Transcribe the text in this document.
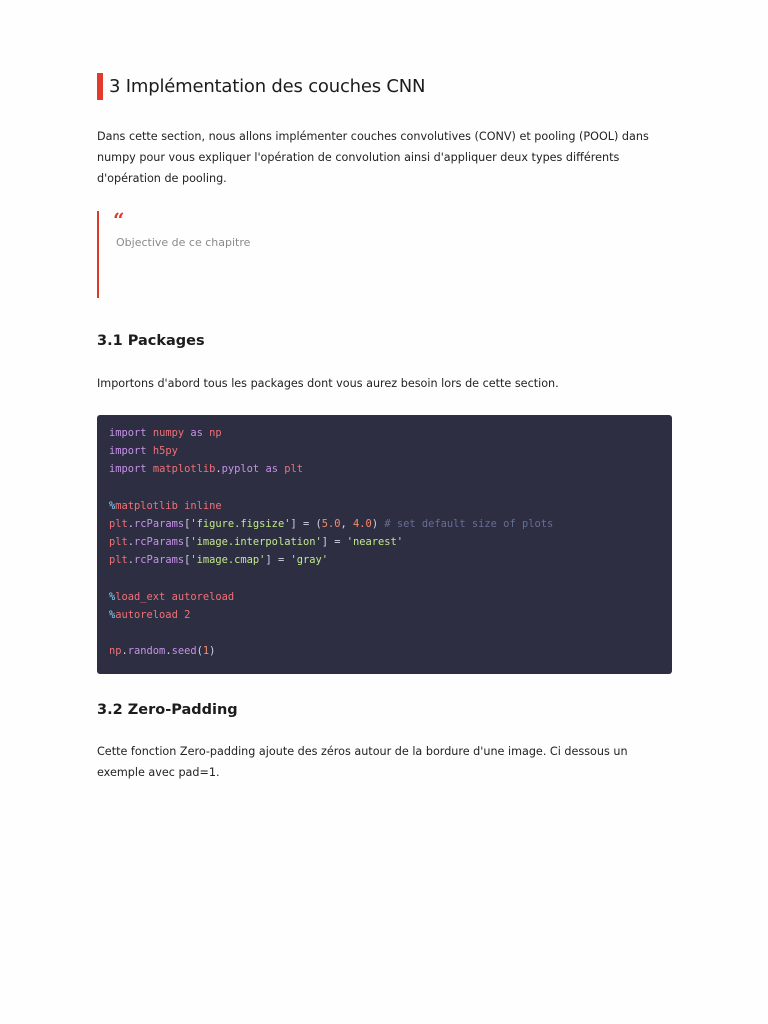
3 Implémentation des couches CNN

Dans cette section, nous allons implémenter couches convolutives (CONV) et pooling (POOL) dans numpy pour vous expliquer l'opération de convolution ainsi d'appliquer deux types différents d'opération de pooling.

“
Objective de ce chapitre
3.1 Packages

Importons d'abord tous les packages dont vous aurez besoin lors de cette section.

import numpy as np
import h5py
import matplotlib.pyplot as plt
%matplotlib inline
plt.rcParams['figure.figsize'] = (5.0, 4.0) # set default size of plots
plt.rcParams['image.interpolation'] = 'nearest'
plt.rcParams['image.cmap'] = 'gray'
%load_ext autoreload
%autoreload 2
np.random.seed(1)
3.2 Zero-Padding

Cette fonction Zero-padding ajoute des zéros autour de la bordure d'une image. Ci dessous un exemple avec pad=1.
